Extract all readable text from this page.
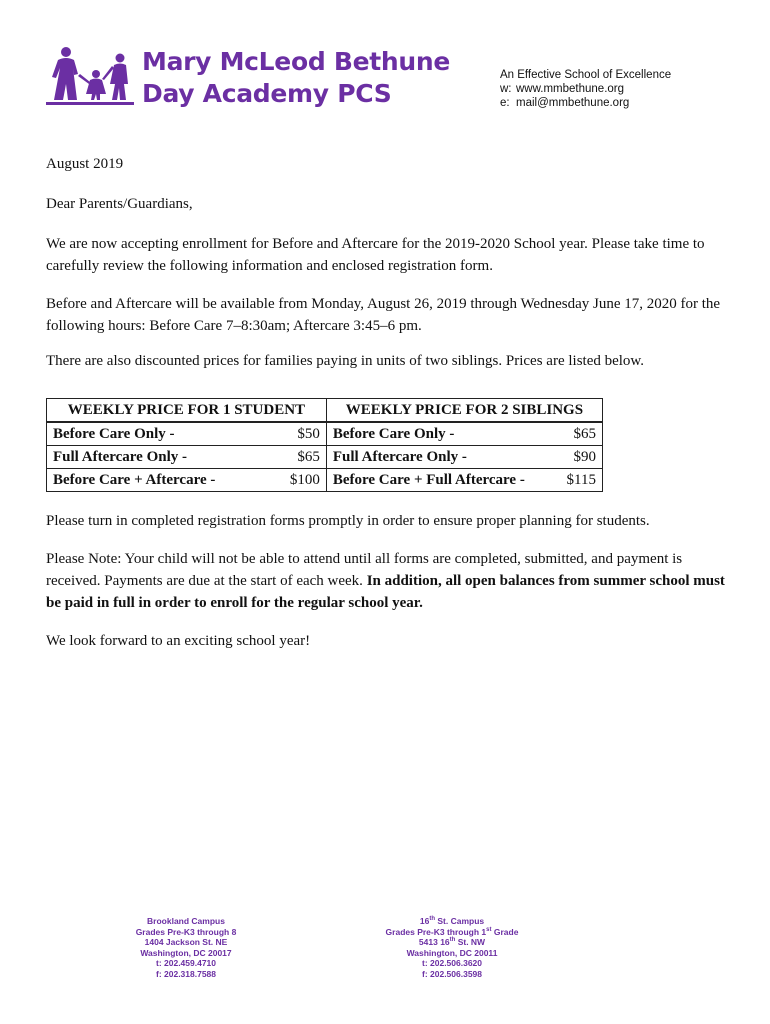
Mary McLeod Bethune
Day Academy PCS
An Effective School of Excellence
w: www.mmbethune.org
e: mail@mmbethune.org

August 2019

Dear Parents/Guardians,

We are now accepting enrollment for Before and Aftercare for the 2019-2020 School year. Please take time to carefully review the following information and enclosed registration form.

Before and Aftercare will be available from Monday, August 26, 2019 through Wednesday June 17, 2020 for the following hours: Before Care 7–8:30am; Aftercare 3:45–6 pm.

There are also discounted prices for families paying in units of two siblings. Prices are listed below.

WEEKLY PRICE FOR 1 STUDENT		WEEKLY PRICE FOR 2 SIBLINGS	
Before Care Only -	$50	Before Care Only -	$65
Full Aftercare Only -	$65	Full Aftercare Only -	$90
Before Care + Aftercare -	$100	Before Care + Full Aftercare -	$115

Please turn in completed registration forms promptly in order to ensure proper planning for students.

Please Note: Your child will not be able to attend until all forms are completed, submitted, and payment is received. Payments are due at the start of each week. In addition, all open balances from summer school must be paid in full in order to enroll for the regular school year.

We look forward to an exciting school year!

Brookland Campus
Grades Pre-K3 through 8
1404 Jackson St. NE
Washington, DC 20017
t: 202.459.4710
f: 202.318.7588
16th St. Campus
Grades Pre-K3 through 1st Grade
5413 16th St. NW
Washington, DC 20011
t: 202.506.3620
f: 202.506.3598
